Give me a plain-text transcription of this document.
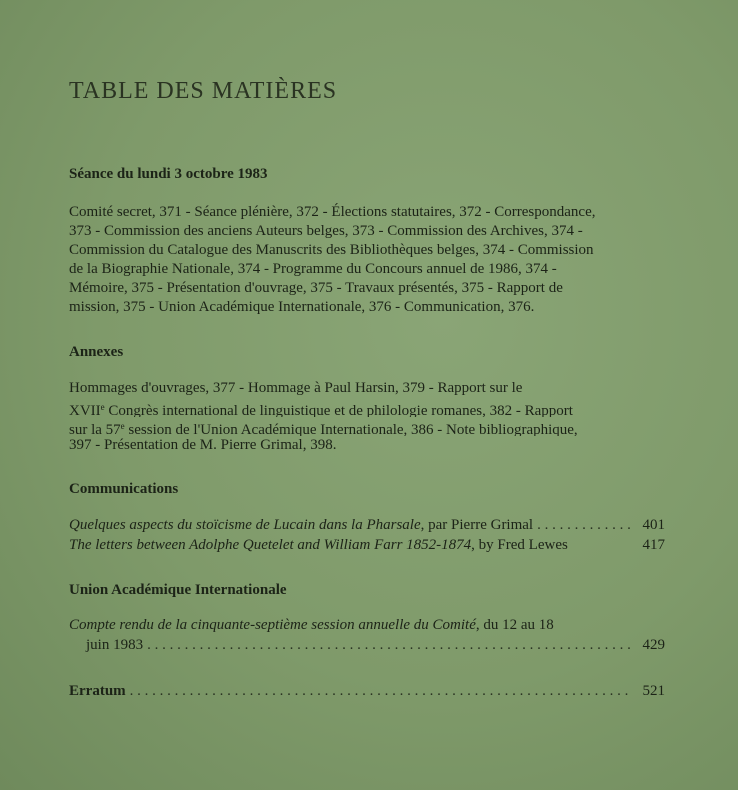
TABLE DES MATIÈRES
Séance du lundi 3 octobre 1983
Comité secret, 371 - Séance plénière, 372 - Élections statutaires, 372 - Correspondance,
373 - Commission des anciens Auteurs belges, 373 - Commission des Archives, 374 -
Commission du Catalogue des Manuscrits des Bibliothèques belges, 374 - Commission
de la Biographie Nationale, 374 - Programme du Concours annuel de 1986, 374 -
Mémoire, 375 - Présentation d'ouvrage, 375 - Travaux présentés, 375 - Rapport de
mission, 375 - Union Académique Internationale, 376 - Communication, 376.
Annexes
Hommages d'ouvrages, 377 - Hommage à Paul Harsin, 379 - Rapport sur le
XVIIe Congrès international de linguistique et de philologie romanes, 382 - Rapport
sur la 57e session de l'Union Académique Internationale, 386 - Note bibliographique,
397 - Présentation de M. Pierre Grimal, 398.
Communications
Quelques aspects du stoïcisme de Lucain dans la Pharsale , par Pierre Grimal . . .	401
The letters between Adolphe Quetelet and William Farr 1852-1874 , by Fred Lewes	417
Union Académique Internationale
Compte rendu de la cinquante-septième session annuelle du Comité , du 12 au 18
juin 1983 . . .	429
Erratum . . .	521
